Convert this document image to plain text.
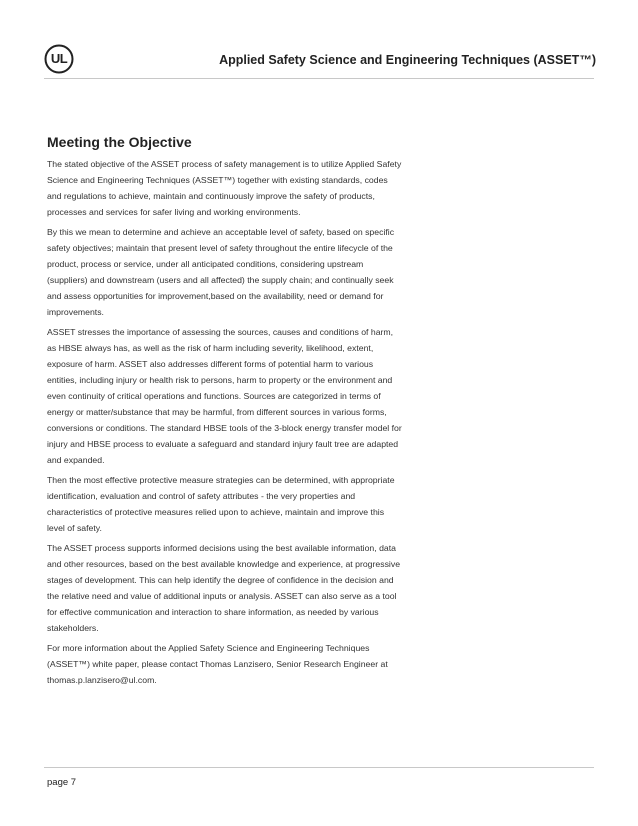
UL	Applied Safety Science and Engineering Techniques (ASSET™)
Meeting the Objective

The stated objective of the ASSET process of safety management is to utilize Applied Safety Science and Engineering Techniques (ASSET™) together with existing standards, codes and regulations to achieve, maintain and continuously improve the safety of products, processes and services for safer living and working environments.

By this we mean to determine and achieve an acceptable level of safety, based on specific safety objectives; maintain that present level of safety throughout the entire lifecycle of the product, process or service, under all anticipated conditions, considering upstream (suppliers) and downstream (users and all affected) the supply chain; and continually seek and assess opportunities for improvement,based on the availability, need or demand for improvements.

ASSET stresses the importance of assessing the sources, causes and conditions of harm, as HBSE always has, as well as the risk of harm including severity, likelihood, extent, exposure of harm. ASSET also addresses different forms of potential harm to various entities, including injury or health risk to persons, harm to property or the environment and even continuity of critical operations and functions. Sources are categorized in terms of energy or matter/substance that may be harmful, from different sources in various forms, conversions or conditions. The standard HBSE tools of the 3-block energy transfer model for injury and HBSE process to evaluate a safeguard and standard injury fault tree are adapted and expanded.

Then the most effective protective measure strategies can be determined, with appropriate identification, evaluation and control of safety attributes - the very properties and characteristics of protective measures relied upon to achieve, maintain and improve this level of safety.

The ASSET process supports informed decisions using the best available information, data and other resources, based on the best available knowledge and experience, at progressive stages of development. This can help identify the degree of confidence in the decision and the relative need and value of additional inputs or analysis. ASSET can also serve as a tool for effective communication and interaction to share information, as needed by various stakeholders.

For more information about the Applied Safety Science and Engineering Techniques (ASSET™) white paper, please contact Thomas Lanzisero, Senior Research Engineer at thomas.p.lanzisero@ul.com.

page 7
